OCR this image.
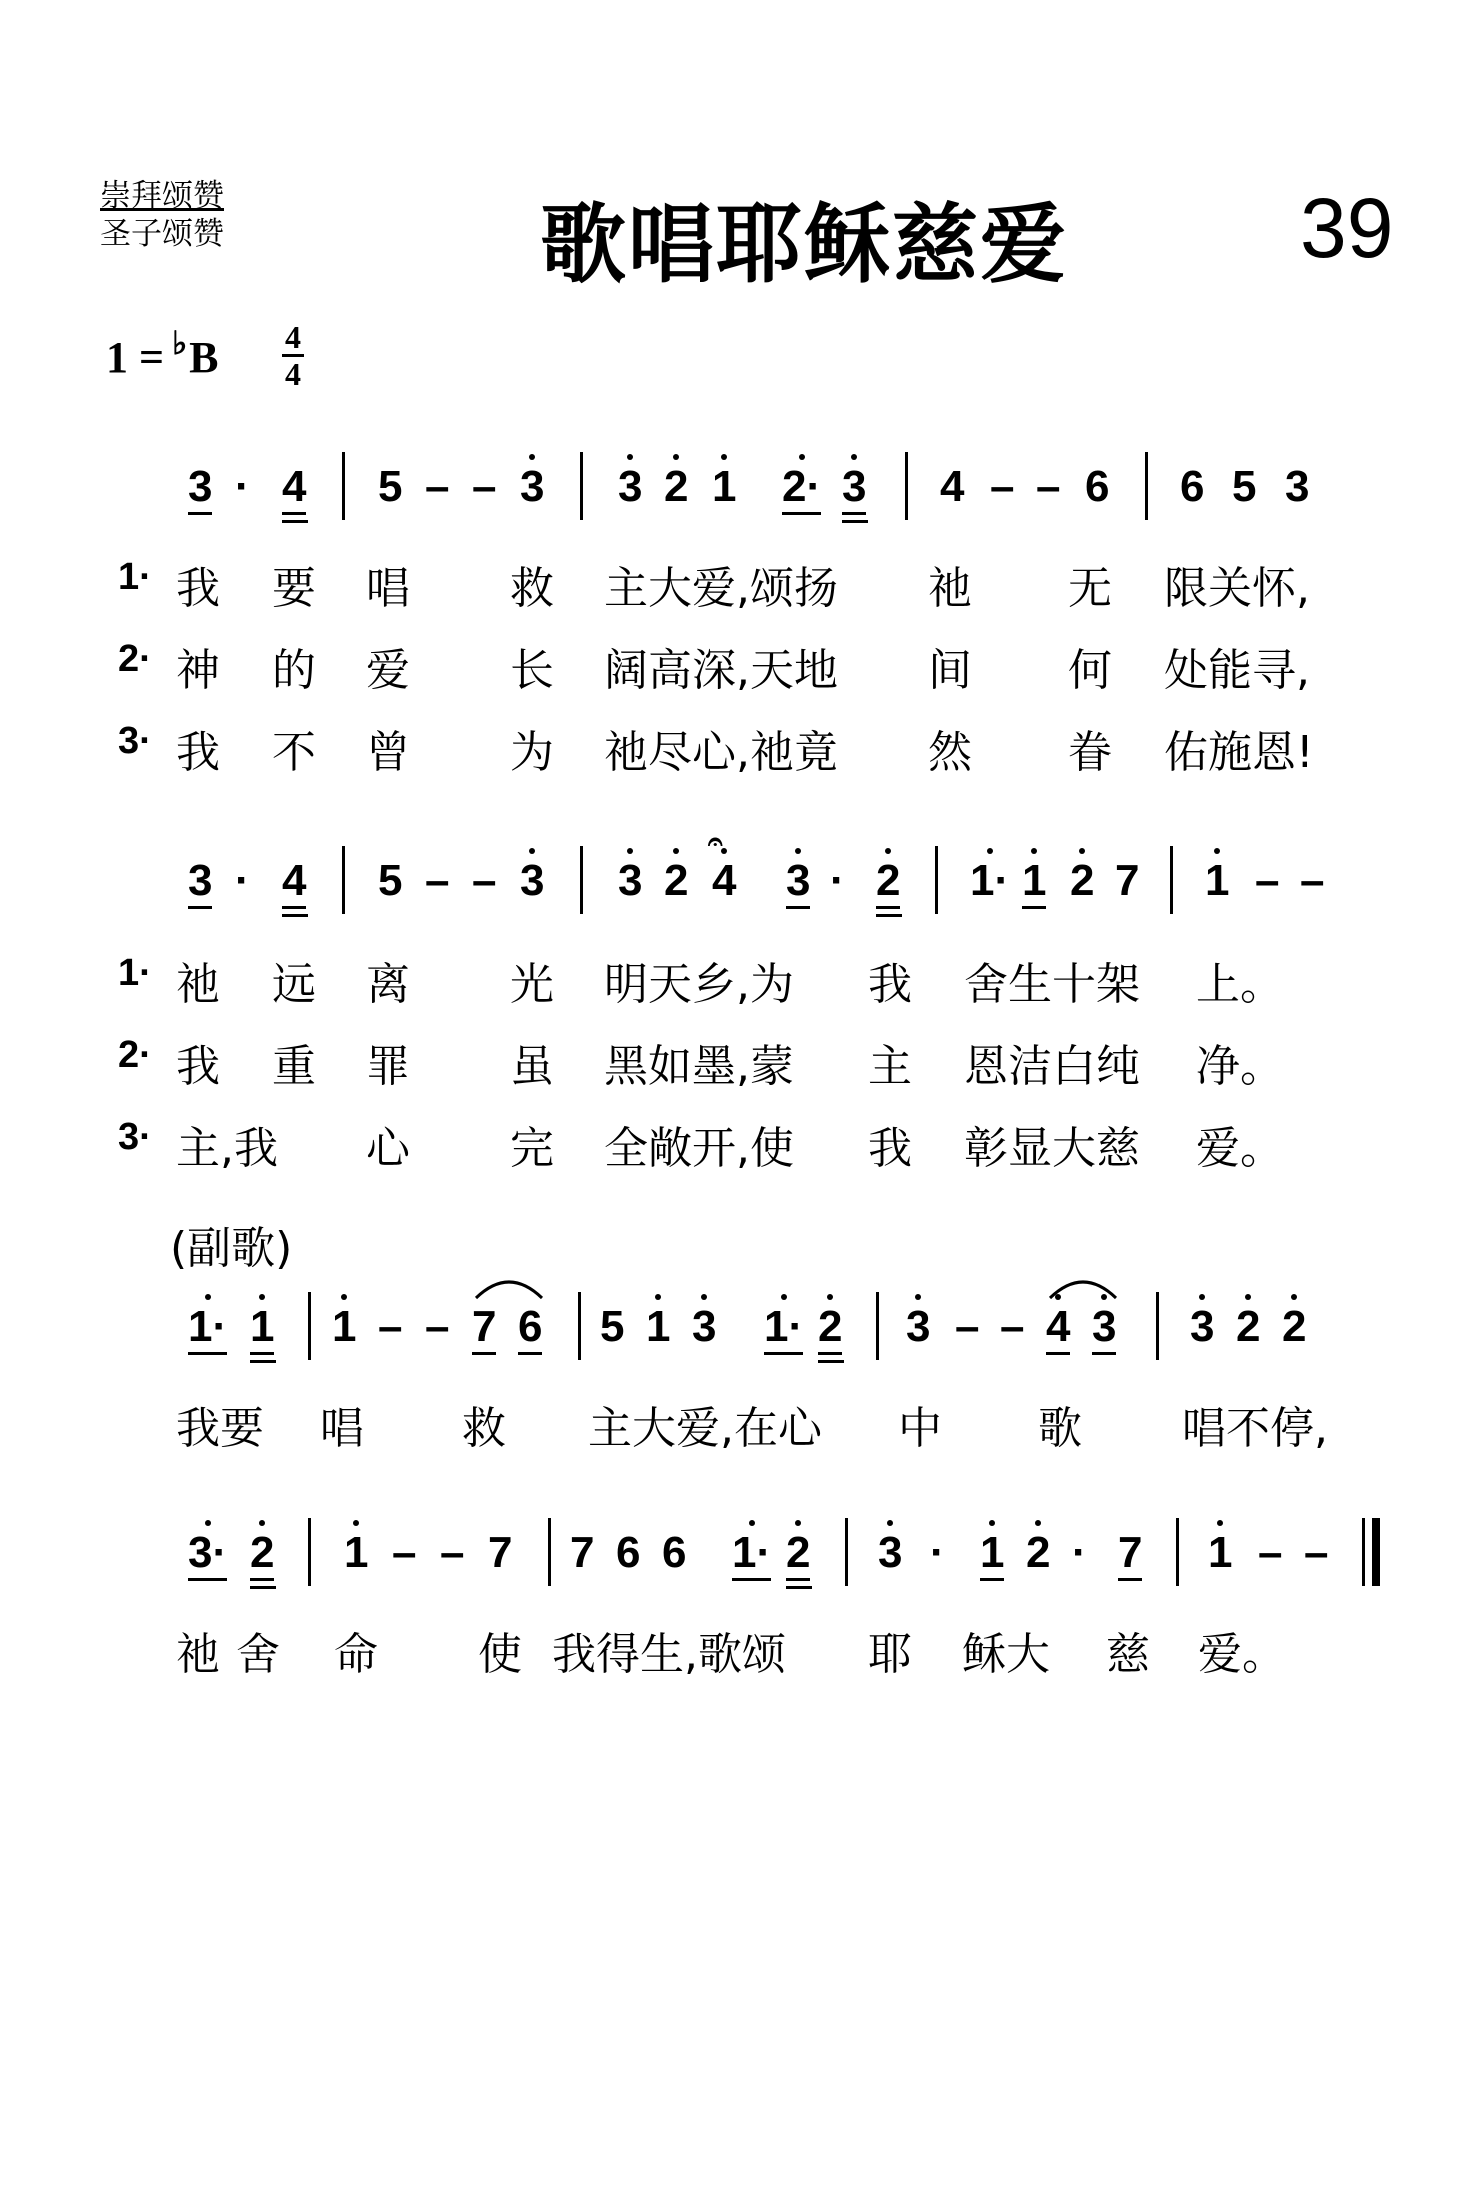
崇拜颂赞
圣子颂赞	歌唱耶稣慈爱	39
1 = ♭B 4
4
3 · 4 5 – – 3 3 2 1 2· 3 4 – – 6 6 5 3
1· 我 要 唱 救 主大爱,颂扬 祂 无 限关怀,
2· 神 的 爱 长 阔高深,天地 间 何 处能寻,
3· 我 不 曾 为 祂尽心,祂竟 然 眷 佑施恩!
3 · 4 5 – – 3 3 2 4
𝄐
3 · 2 1· 1 2 7 1 – –
1· 祂 远 离 光 明天乡,为 我 舍生十架 上。
2· 我 重 罪 虽 黑如墨,蒙 主 恩洁白纯 净。
3· 主,我 心 完 全敞开,使 我 彰显大慈 爱。
(副歌)
1· 1 1 – – 7 6 5 1 3 1· 2 3 – – 4 3 3 2 2
我要 唱 救 主大爱,在心 中 歌 唱不停,
3· 2 1 – – 7 7 6 6 1· 2 3 · 1 2 · 7 1 – –
祂 舍 命 使 我得生,歌颂 耶 稣大 慈 爱。
